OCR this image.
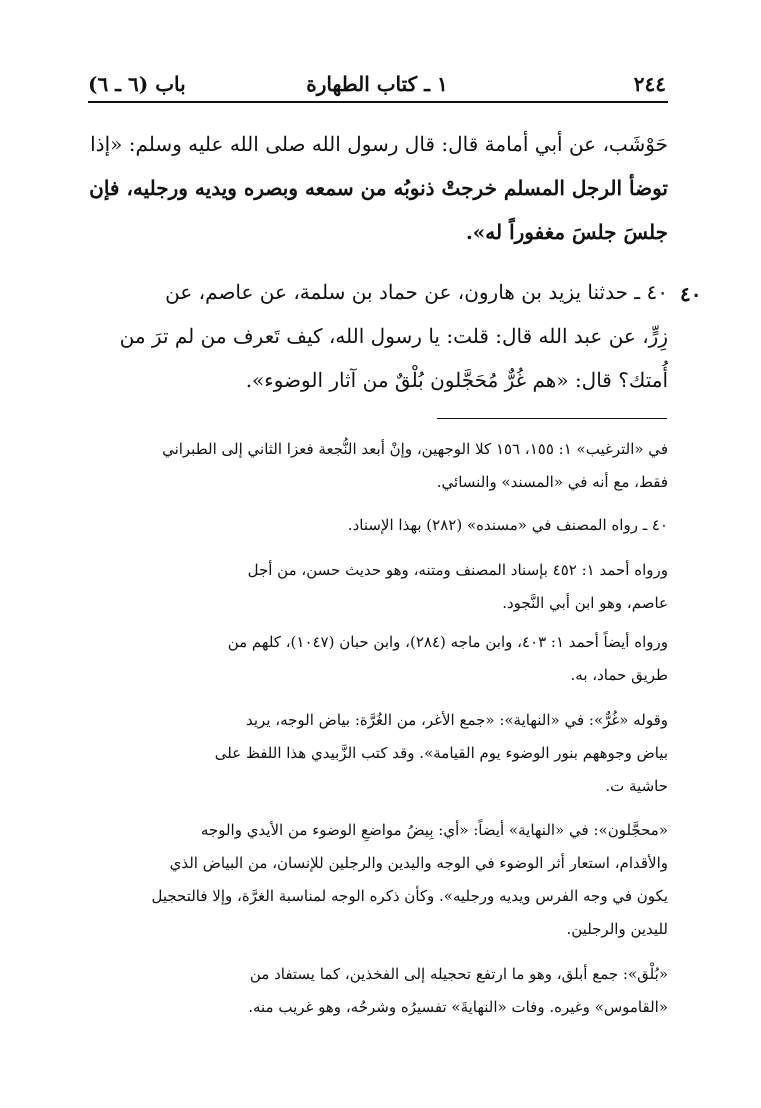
٢٤٤
١ ـ كتاب الطهارة
باب (٦ ـ ٦)
حَوْشَب، عن أبي أمامة قال: قال رسول الله صلى الله عليه وسلم: «إذا
توضأ الرجل المسلم خرجتْ ذنوبُه من سمعه وبصره ويديه ورجليه، فإن
جلسَ جلسَ مغفوراً له».
٤٠
٤٠ ـ حدثنا يزيد بن هارون، عن حماد بن سلمة، عن عاصم، عن
زِرٍّ، عن عبد الله قال: قلت: يا رسول الله، كيف تَعرف من لم ترَ من
أُمتك؟ قال: «هم غُرٌّ مُحَجَّلون بُلْقٌ من آثار الوضوء».
في «الترغيب» ١: ١٥٥، ١٥٦ كلا الوجهين، وإنْ أبعد النُّجعة فعزا الثاني إلى الطبراني
فقط، مع أنه في «المسند» والنسائي.
٤٠ ـ رواه المصنف في «مسنده» (٢٨٢) بهذا الإسناد.
ورواه أحمد ١: ٤٥٢ بإسناد المصنف ومتنه، وهو حديث حسن، من أجل
عاصم، وهو ابن أبي النَّجود.
ورواه أيضاً أحمد ١: ٤٠٣، وابن ماجه (٢٨٤)، وابن حبان (١٠٤٧)، كلهم من
طريق حماد، به.
وقوله «غُرٌّ»: في «النهاية»: «جمع الأغر، من الغُرَّة: بياض الوجه، يريد
بياض وجوههم بنور الوضوء يوم القيامة». وقد كتب الزَّبيدي هذا اللفظ على
حاشية ت.
«محجَّلون»: في «النهاية» أيضاً: «أي: بِيضُ مواضعِ الوضوء من الأيدي والوجه
والأقدام، استعار أثر الوضوء في الوجه واليدين والرجلين للإنسان، من البياض الذي
يكون في وجه الفرس ويديه ورجليه». وكأن ذكره الوجه لمناسبة الغرَّة، وإلا فالتحجيل
لليدين والرجلين.
«بُلْق»: جمع أبلق، وهو ما ارتفع تحجيله إلى الفخذين، كما يستفاد من
«القاموس» وغيره. وفات «النهايةَ» تفسيرُه وشرحُه، وهو غريب منه.
